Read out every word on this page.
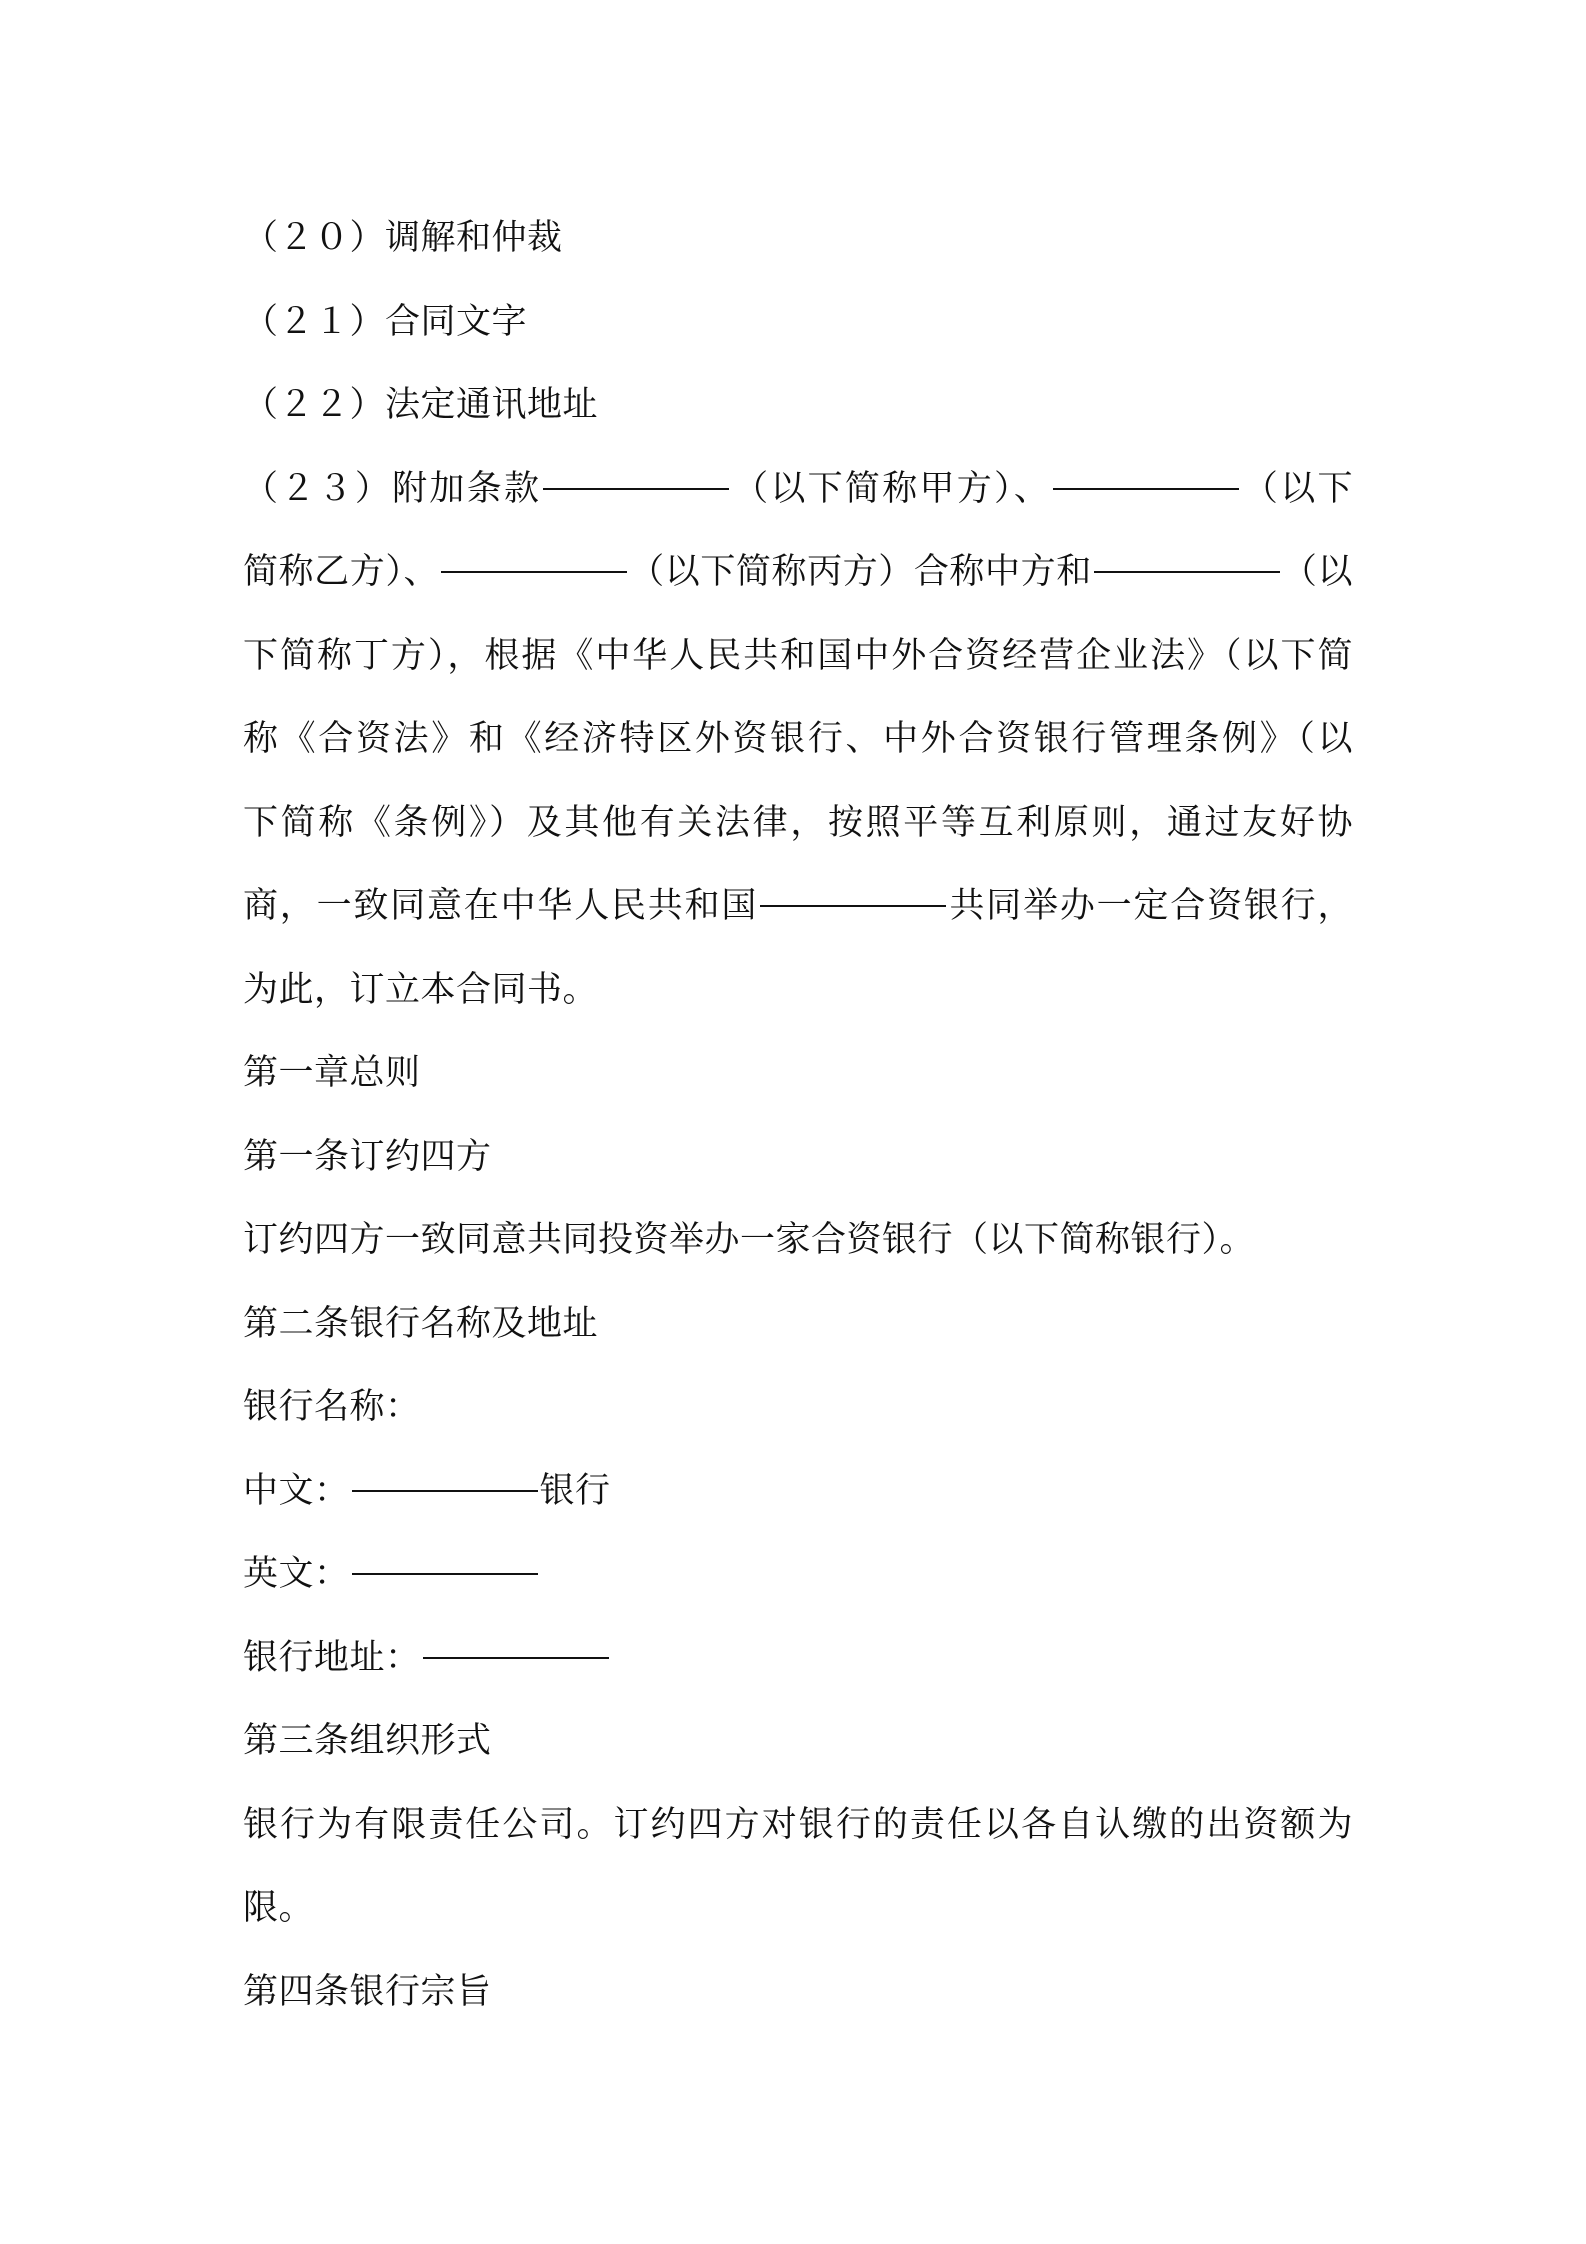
（２０）调解和仲裁
（２１）合同文字
（２２）法定通讯地址
（２３）附加条款	（以下简称甲方）、	（以下
简称乙方）、	（以下简称丙方）合称中方和	（以
下简称丁方），根据《中华人民共和国中外合资经营企业法》（以下简
称《合资法》和《经济特区外资银行、中外合资银行管理条例》（以
下简称《条例》）及其他有关法律，按照平等互利原则，通过友好协
商，一致同意在中华人民共和国	共同举办一定合资银行，
为此，订立本合同书。
第一章总则
第一条订约四方
订约四方一致同意共同投资举办一家合资银行（以下简称银行）。
第二条银行名称及地址
银行名称：
中文：	银行
英文：
银行地址：
第三条组织形式
银行为有限责任公司。订约四方对银行的责任以各自认缴的出资额为
限。
第四条银行宗旨
